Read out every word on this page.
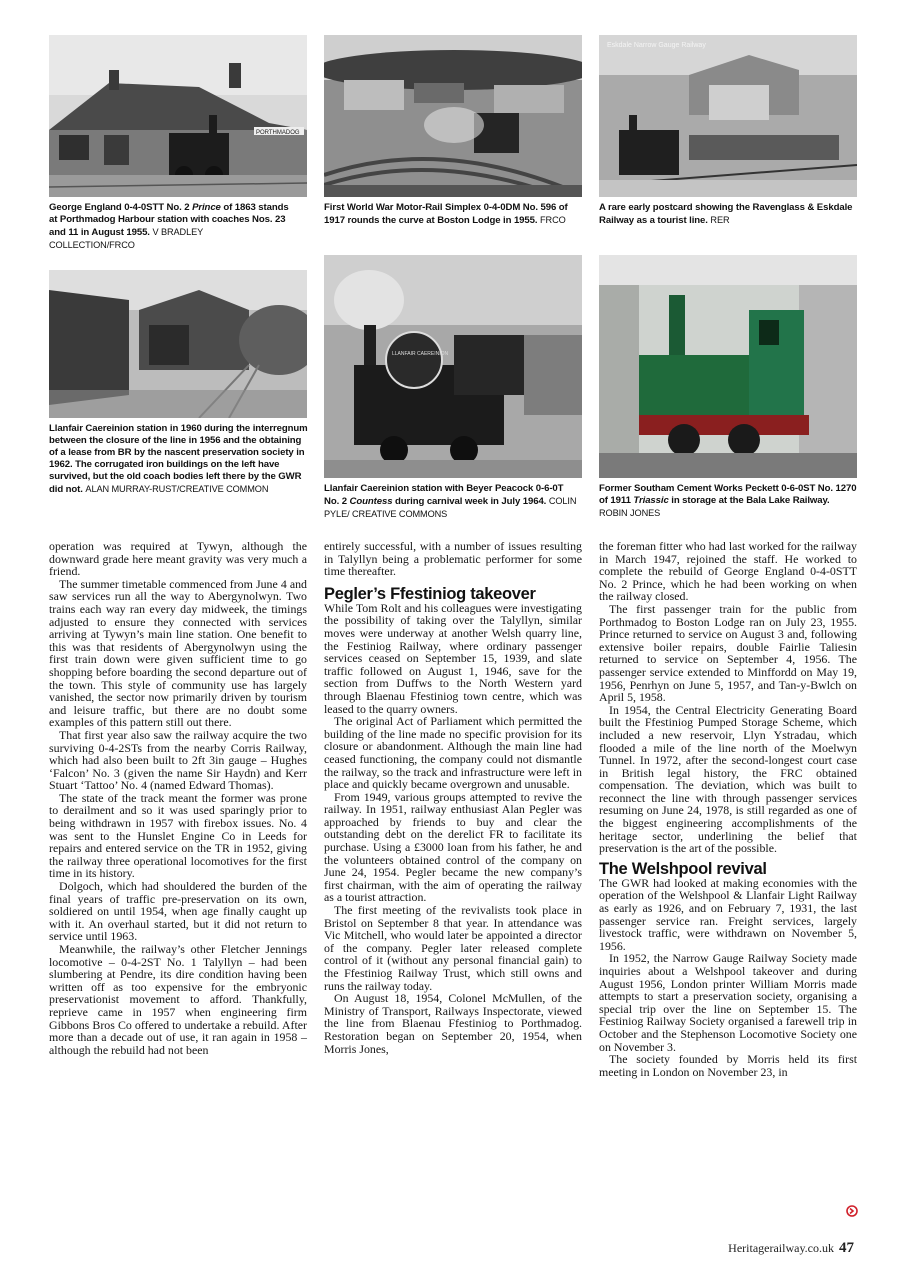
PORTHMADOG
George England 0-4-0STT No. 2 Prince of 1863 stands at Porthmadog Harbour station with coaches Nos. 23 and 11 in August 1955. V BRADLEY COLLECTION/FRCO
First World War Motor-Rail Simplex 0-4-0DM No. 596 of 1917 rounds the curve at Boston Lodge in 1955. FRCO
Eskdale Narrow Gauge Railway
A rare early postcard showing the Ravenglass & Eskdale Railway as a tourist line. RER
Llanfair Caereinion station in 1960 during the interregnum between the closure of the line in 1956 and the obtaining of a lease from BR by the nascent preservation society in 1962. The corrugated iron buildings on the left have survived, but the old coach bodies left there by the GWR did not. ALAN MURRAY-RUST/CREATIVE COMMON
LLANFAIR CAEREINION
Llanfair Caereinion station with Beyer Peacock 0-6-0T No. 2 Countess during carnival week in July 1964. COLIN PYLE/ CREATIVE COMMONS
Former Southam Cement Works Peckett 0-6-0ST No. 1270 of 1911 Triassic in storage at the Bala Lake Railway. ROBIN JONES

operation was required at Tywyn, although the downward grade here meant gravity was very much a friend.

The summer timetable commenced from June 4 and saw services run all the way to Abergynolwyn. Two trains each way ran every day midweek, the timings adjusted to ensure they connected with services arriving at Tywyn’s main line station. One benefit to this was that residents of Abergynolwyn using the first train down were given sufficient time to go shopping before boarding the second departure out of the town. This style of community use has largely vanished, the sector now primarily driven by tourism and leisure traffic, but there are no doubt some examples of this pattern still out there.

That first year also saw the railway acquire the two surviving 0-4-2STs from the nearby Corris Railway, which had also been built to 2ft 3in gauge – Hughes ‘Falcon’ No. 3 (given the name Sir Haydn) and Kerr Stuart ‘Tattoo’ No. 4 (named Edward Thomas).

The state of the track meant the former was prone to derailment and so it was used sparingly prior to being withdrawn in 1957 with firebox issues. No. 4 was sent to the Hunslet Engine Co in Leeds for repairs and entered service on the TR in 1952, giving the railway three operational locomotives for the first time in its history.

Dolgoch, which had shouldered the burden of the final years of traffic pre-preservation on its own, soldiered on until 1954, when age finally caught up with it. An overhaul started, but it did not return to service until 1963.

Meanwhile, the railway’s other Fletcher Jennings locomotive – 0-4-2ST No. 1 Talyllyn – had been slumbering at Pendre, its dire condition having been written off as too expensive for the embryonic preservationist movement to afford. Thankfully, reprieve came in 1957 when engineering firm Gibbons Bros Co offered to undertake a rebuild. After more than a decade out of use, it ran again in 1958 – although the rebuild had not been

entirely successful, with a number of issues resulting in Talyllyn being a problematic performer for some time thereafter.

Pegler’s Ffestiniog takeover

While Tom Rolt and his colleagues were investigating the possibility of taking over the Talyllyn, similar moves were underway at another Welsh quarry line, the Festiniog Railway, where ordinary passenger services ceased on September 15, 1939, and slate traffic followed on August 1, 1946, save for the section from Duffws to the North Western yard through Blaenau Ffestiniog town centre, which was leased to the quarry owners.

The original Act of Parliament which permitted the building of the line made no specific provision for its closure or abandonment. Although the main line had ceased functioning, the company could not dismantle the railway, so the track and infrastructure were left in place and quickly became overgrown and unusable.

From 1949, various groups attempted to revive the railway. In 1951, railway enthusiast Alan Pegler was approached by friends to buy and clear the outstanding debt on the derelict FR to facilitate its purchase. Using a £3000 loan from his father, he and the volunteers obtained control of the company on June 24, 1954. Pegler became the new company’s first chairman, with the aim of operating the railway as a tourist attraction.

The first meeting of the revivalists took place in Bristol on September 8 that year. In attendance was Vic Mitchell, who would later be appointed a director of the company. Pegler later released complete control of it (without any personal financial gain) to the Ffestiniog Railway Trust, which still owns and runs the railway today.

On August 18, 1954, Colonel McMullen, of the Ministry of Transport, Railways Inspectorate, viewed the line from Blaenau Ffestiniog to Porthmadog. Restoration began on September 20, 1954, when Morris Jones,

the foreman fitter who had last worked for the railway in March 1947, rejoined the staff. He worked to complete the rebuild of George England 0-4-0STT No. 2 Prince, which he had been working on when the railway closed.

The first passenger train for the public from Porthmadog to Boston Lodge ran on July 23, 1955. Prince returned to service on August 3 and, following extensive boiler repairs, double Fairlie Taliesin returned to service on September 4, 1956. The passenger service extended to Minffordd on May 19, 1956, Penrhyn on June 5, 1957, and Tan-y-Bwlch on April 5, 1958.

In 1954, the Central Electricity Generating Board built the Ffestiniog Pumped Storage Scheme, which included a new reservoir, Llyn Ystradau, which flooded a mile of the line north of the Moelwyn Tunnel. In 1972, after the second-longest court case in British legal history, the FRC obtained compensation. The deviation, which was built to reconnect the line with through passenger services resuming on June 24, 1978, is still regarded as one of the biggest engineering accomplishments of the heritage sector, underlining the belief that preservation is the art of the possible.

The Welshpool revival

The GWR had looked at making economies with the operation of the Welshpool & Llanfair Light Railway as early as 1926, and on February 7, 1931, the last passenger service ran. Freight services, largely livestock traffic, were withdrawn on November 5, 1956.

In 1952, the Narrow Gauge Railway Society made inquiries about a Welshpool takeover and during August 1956, London printer William Morris made attempts to start a preservation society, organising a special trip over the line on September 15. The Festiniog Railway Society organised a farewell trip in October and the Stephenson Locomotive Society one on November 3.

The society founded by Morris held its first meeting in London on November 23, in

Heritagerailway.co.uk 47
